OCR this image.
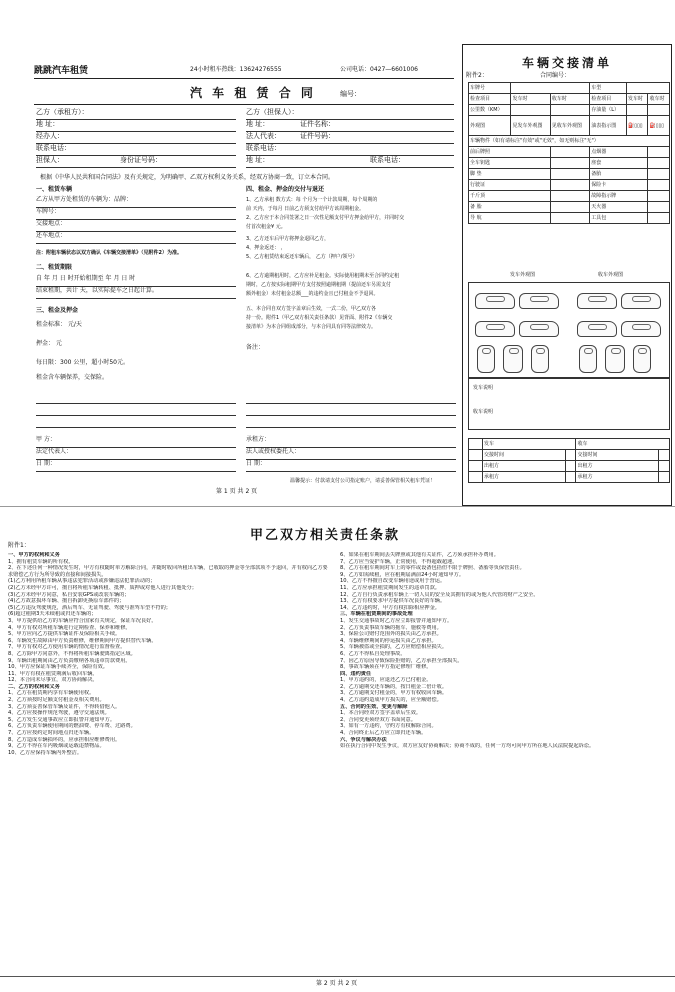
跳跳汽车租赁	24小时租车热线：13624276555	公司电话：0427—6601006
汽 车 租 赁 合 同	编号：
乙方（承租方）：
地 址：
经办人：
联系电话：
担保人：	身份证号码：
乙方（担保人）：
地 址：
法人代表：
联系电话：
地 址：
证件名称：
证件号码：
联系电话：
根据《中华人民共和国合同法》及有关规定，为明确甲、乙双方权利义务关系，经双方协商一致，订立本合同。
一、租赁车辆
乙方从甲方处租赁的车辆为：品牌：
车牌号：
交接地点：
还车地点：
注：附租车辆状态以双方确认《车辆交接清单》（见附件2）为准。
二、租赁期限
自 年 月 日 时开始租期至 年 月 日 时
结束租期，共计 天，以实际提车之日起计算。
三、租金及押金
租金标准： 元/天
押金： 元
每日限：300 公里，超小时50元。
租金含车辆保养，交保险。
四、租金、押金的交付与退还
1、乙方承租 数方式：每 个月为一个计款周期，每个周期的
前 天内，于每月 日前乙方须支付给甲方该周期租金。
2、乙方应于本合同签署之日一次性足额支付甲方押金给甲方，并同时交
付首次租金¥ 元。
3、乙方还车后甲方将押金退回乙方，
4、押金返还： ，
5、乙方租赁结束返还车辆后， 乙方（押户/领号）
6、乙方逾期租用时，乙方应补足租金。实际使用租期未至合同约定租
期时，乙方按实际租期甲方支付按照逾期租期（提前还车另需支付
额外租金）未付租金总额___的违约金且已付租金不予退回。
五、本合同自双方签字盖章后生效，一式二份，甲乙双方各
持一份。附件1（甲乙双方相关责任条款）见背面、附件2《车辆交
接清单》为本合同组成部分，与本合同具有同等法律效力。
备注：
甲 方：
法定代表人：
日 期：
承租方：
法人或授权委托人：
日 期：
温馨提示：付款请支付公司指定账户，请妥善保管相关租车凭证！
第 1 页 共 2 页
车辆交接清单
附件2：	合同编号：
车牌号			车型		
检查项目	发车时	收车时	检查项目	发车时	收车时
公里数（KM）			存油量（L）		
外观图	见发车外观图	见收车外观图	油表指示图	⛽▯▯▯	⛽▯▯▯
车辆物件（如有请标注"有效"或"无效"，如无则标注"无"）					
前后牌照			点烟器		
全车钥匙			座套		
脚 垫			备胎		
行驶证			保险卡		
千斤顶			故障指示牌		
备 胎			天火器		
导 航			工具包		
发车外观图	收车外观图
发车说明
收车说明
	发车		收车	
	交接时间		交接时间	
	出租方		出租方	
	承租方		承租方	
甲乙双方相关责任条款
附件1：

一、甲方的权利和义务

1、拥有租赁车辆的所有权。

2、在下述任何一种情况发生时，甲方有权随时单方解除合同，并随时收回所租出车辆，已收取的押金等全部款项不予退回，并有权向乙方要求赔偿乙方行为所导致的直接和间接损失。

(1)乙方利用所租车辆从事违法犯罪活动或涉嫌违法犯罪活动的；

(2)乙方未经甲方许可，擅自将所租车辆转租、抵押、质押或对他人进行其他处分；

(3)乙方未经甲方同意，私自安装GPS或改装车辆的；

(4)乙方故意损坏车辆、擅自拆卸更换原车部件的；

(5)乙方违反驾驶规范，酒后驾车、无证驾驶、驾驶与准驾车型不符的；

(6)超过租期3天未续租或归还车辆的；

3、甲方提供给乙方的车辆应符合国家有关规定，保证车况良好。

4、甲方有权对所租车辆进行定期检查、保养和维修。

5、甲方应向乙方提供车辆证件及保险相关手续。

6、车辆发生故障由甲方负责维修，维修期间甲方提供替代车辆。

7、甲方有权对乙方使用车辆的情况进行监督检查。

8、乙方除甲方同意外，不得将所租车辆驶离指定区域。

9、车辆出租期间由乙方负责缴纳各项违章罚款费用。

10、甲方应保证车辆手续齐全，保险有效。

11、甲方有权在租赁期满后收回车辆。

12、本合同未尽事宜，双方协商解决。

二、乙方的权利和义务

1、乙方在租赁期内享有车辆使用权。

2、乙方须按时足额支付租金及相关费用。

3、乙方须妥善保管车辆及证件，不得转借他人。

4、乙方应按操作规范驾驶，遵守交通法规。

5、乙方发生交通事故应立即报警并通知甲方。

6、乙方负责车辆使用期间的燃油费、停车费、过路费。

7、乙方应按约定时间地点归还车辆。

8、乙方造成车辆损坏的，应承担相应维修费用。

9、乙方不得在车内吸烟或运载违禁物品。

10、乙方应保持车辆内外整洁。

6、如果在租车期间丢失牌照或其他有关证件，乙方须承担补办费用。

7、乙方应当爱护车辆，正常使用，不得超载超速。

8、乙方在租车期间对车上的零件或设备包括但不限于牌照、备胎等负保管责任。

9、乙方如需续租，应在租期届满前24小时通知甲方。

10、乙方不得擅自改变车辆用途或用于营运。

11、乙方应承担租赁期间发生的违章罚款。

12、乙方自行负责承租车辆上一切人员的安全及其拥有的或为他人代管的财产之安全。

13、乙方有权要求甲方提供车况良好的车辆。

14、乙方违约时，甲方有权扣除相应押金。

三、车辆在租赁期间的事故处理

1、发生交通事故时乙方应立即报警并通知甲方。

2、乙方负责事故车辆的拖车、施救等费用。

3、保险公司赔付范围外的损失由乙方承担。

4、车辆维修期间的停运损失由乙方承担。

5、车辆被盗或全损的，乙方应赔偿相应损失。

6、乙方不得私自处理事故。

7、因乙方原因导致保险拒赔的，乙方承担全部损失。

8、事故车辆须在甲方指定修理厂维修。

四、违约责任

1、甲方违约的，应退还乙方已付租金。

2、乙方逾期交还车辆的，按日租金二倍计收。

3、乙方逾期支付租金的，甲方有权收回车辆。

4、乙方违约造成甲方损失的，应全额赔偿。

五、合同的生效、变更与解除

1、本合同经双方签字盖章后生效。

2、合同变更须经双方书面同意。

3、如有一方违约，守约方有权解除合同。

4、合同终止后乙方应立即归还车辆。

六、争议与解决办法

如在执行合同中发生争议，双方应友好协商解决；协商不成的，任何一方均可向甲方所在地人民法院提起诉讼。

第 2 页 共 2 页
